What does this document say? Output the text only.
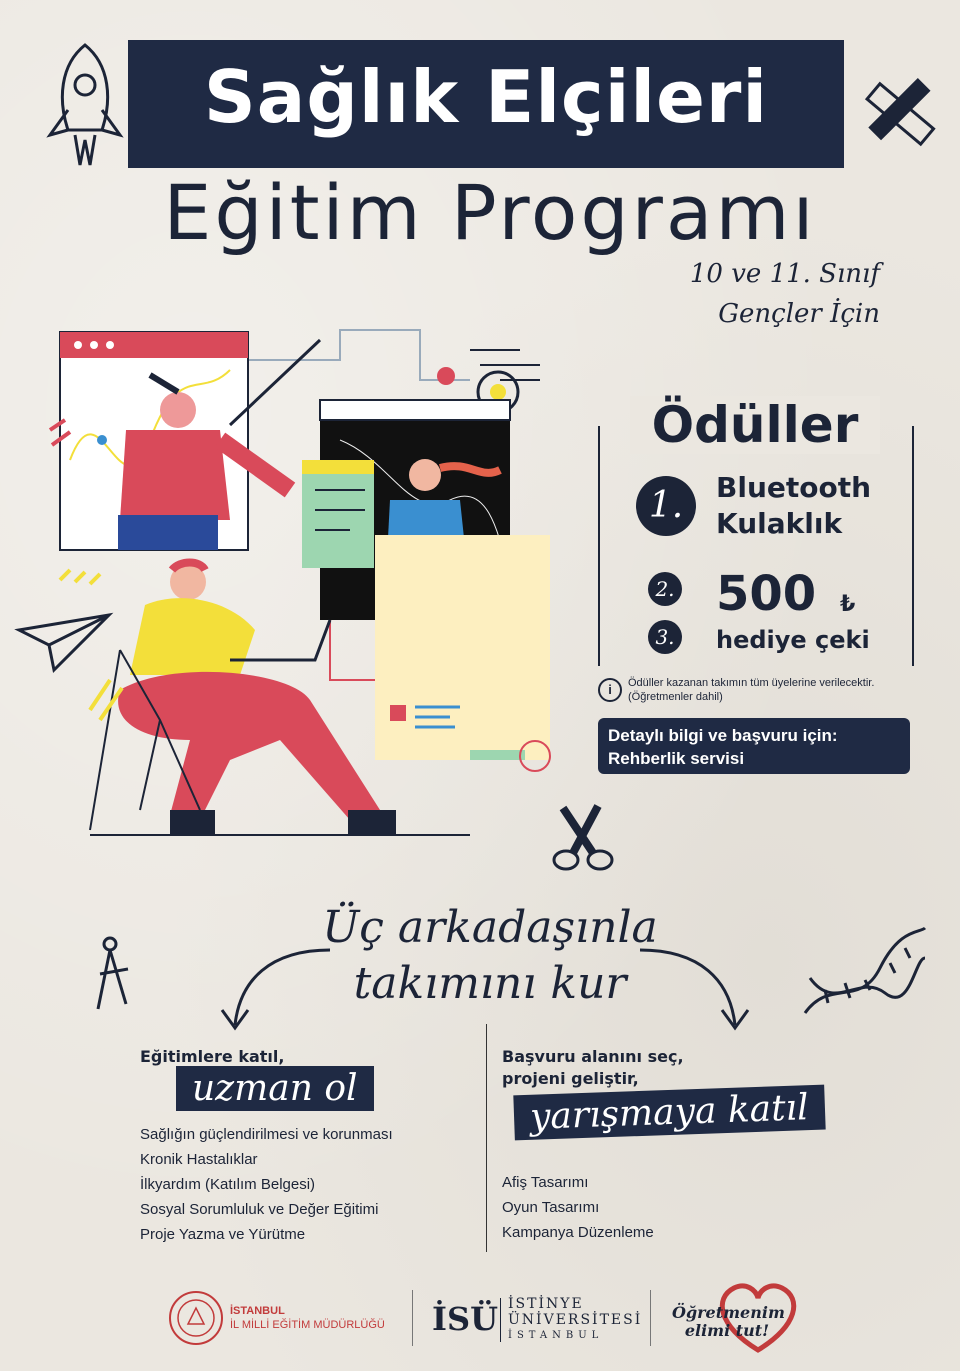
Sağlık Elçileri
Eğitim Programı
10 ve 11. Sınıf
Gençler İçin
Ödüller
1.	Bluetooth
Kulaklık
2.
3.
500 ₺
hediye çeki
i	Ödüller kazanan takımın tüm üyelerine verilecektir.
(Öğretmenler dahil)
Detaylı bilgi ve başvuru için:
Rehberlik servisi
Üç arkadaşınla
takımını kur
Eğitimlere katıl,
uzman ol
Sağlığın güçlendirilmesi ve korunması
Kronik Hastalıklar
İlkyardım (Katılım Belgesi)
Sosyal Sorumluluk ve Değer Eğitimi
Proje Yazma ve Yürütme
Başvuru alanını seç,
projeni geliştir,
yarışmaya katıl
Afiş Tasarımı
Oyun Tasarımı
Kampanya Düzenleme
İSTANBUL
İL MİLLİ EĞİTİM MÜDÜRLÜĞÜ İSÜ İSTİNYE
ÜNİVERSİTESİ
İSTANBUL
Öğretmenim
elimi tut!
